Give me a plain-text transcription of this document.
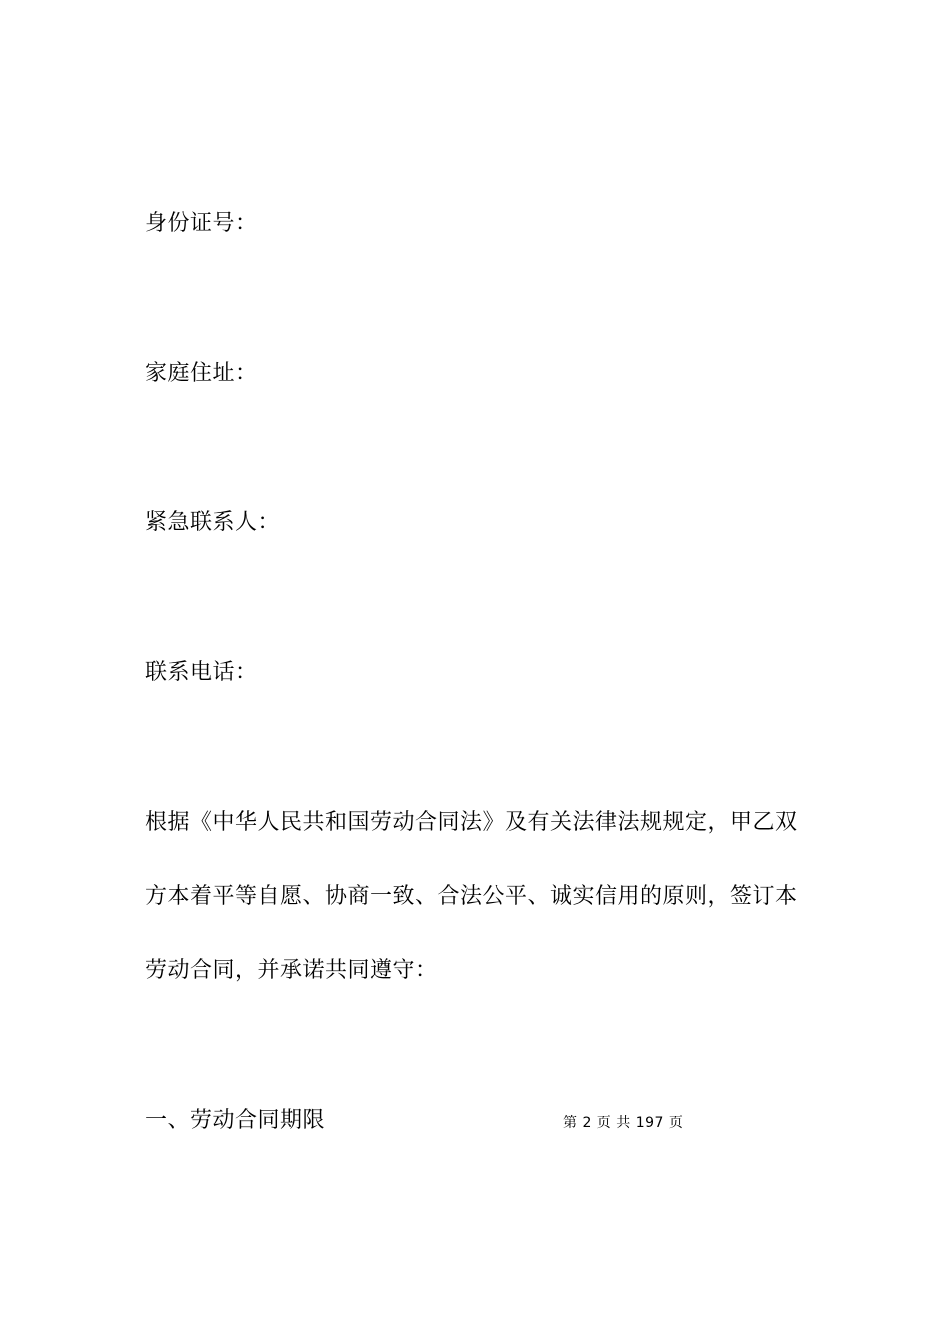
身份证号：
家庭住址：
紧急联系人：
联系电话：
根据《中华人民共和国劳动合同法》及有关法律法规规定，甲乙双
方本着平等自愿、协商一致、合法公平、诚实信用的原则，签订本
劳动合同，并承诺共同遵守：
一、劳动合同期限	第 2 页 共 197 页
